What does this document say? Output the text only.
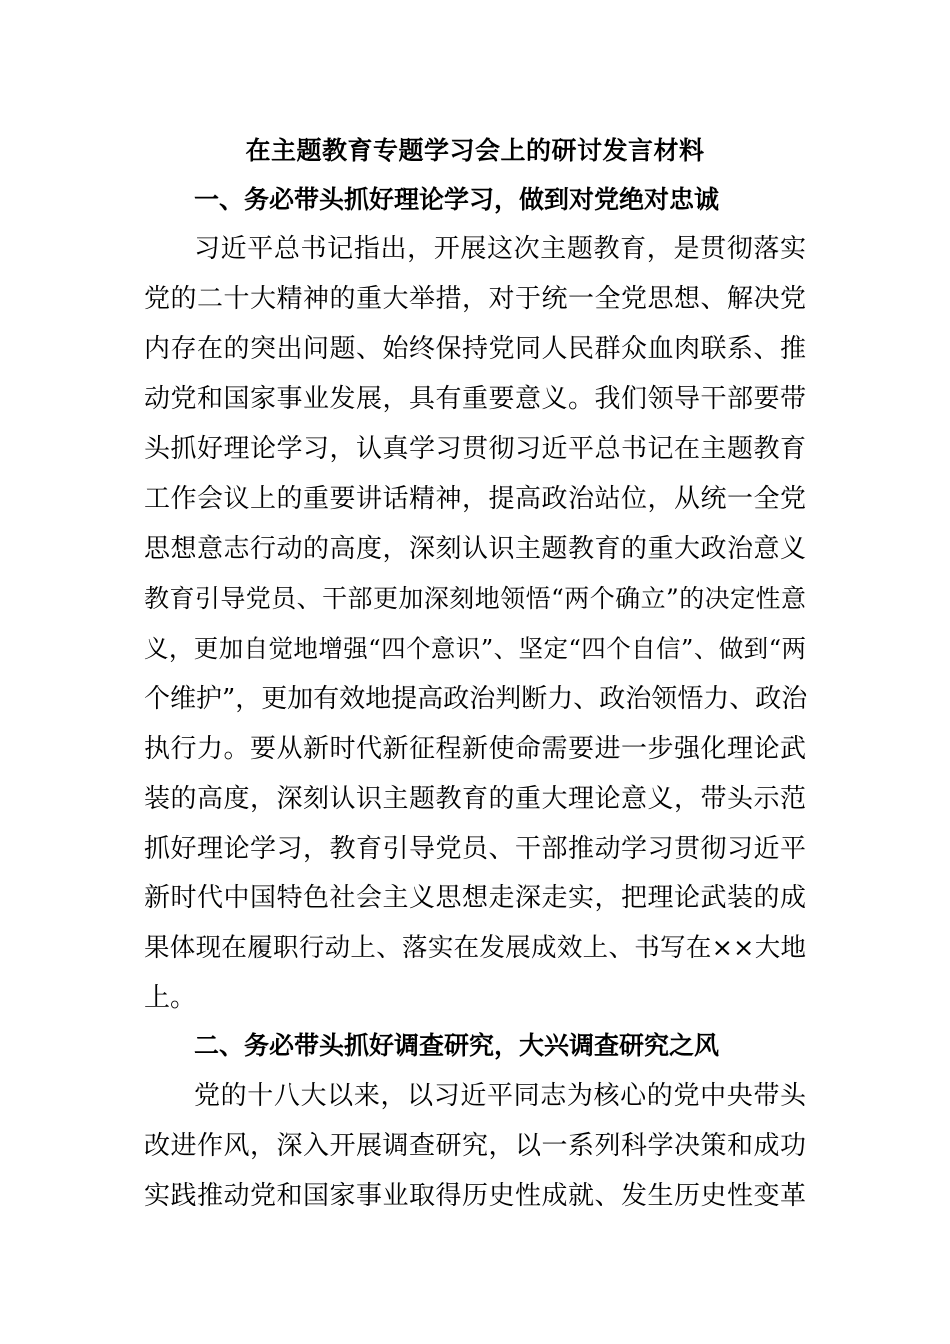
在主题教育专题学习会上的研讨发言材料
一、务必带头抓好理论学习，做到对党绝对忠诚
习近平总书记指出，开展这次主题教育，是贯彻落实
党的二十大精神的重大举措，对于统一全党思想、解决党
内存在的突出问题、始终保持党同人民群众血肉联系、推
动党和国家事业发展，具有重要意义。我们领导干部要带
头抓好理论学习，认真学习贯彻习近平总书记在主题教育
工作会议上的重要讲话精神，提高政治站位，从统一全党
思想意志行动的高度，深刻认识主题教育的重大政治意义
教育引导党员、干部更加深刻地领悟“两个确立”的决定性意
义，更加自觉地增强“四个意识”、坚定“四个自信”、做到“两
个维护”，更加有效地提高政治判断力、政治领悟力、政治
执行力。要从新时代新征程新使命需要进一步强化理论武
装的高度，深刻认识主题教育的重大理论意义，带头示范
抓好理论学习，教育引导党员、干部推动学习贯彻习近平
新时代中国特色社会主义思想走深走实，把理论武装的成
果体现在履职行动上、落实在发展成效上、书写在××大地
上。
二、务必带头抓好调查研究，大兴调查研究之风
党的十八大以来，以习近平同志为核心的党中央带头
改进作风，深入开展调查研究，以一系列科学决策和成功
实践推动党和国家事业取得历史性成就、发生历史性变革
